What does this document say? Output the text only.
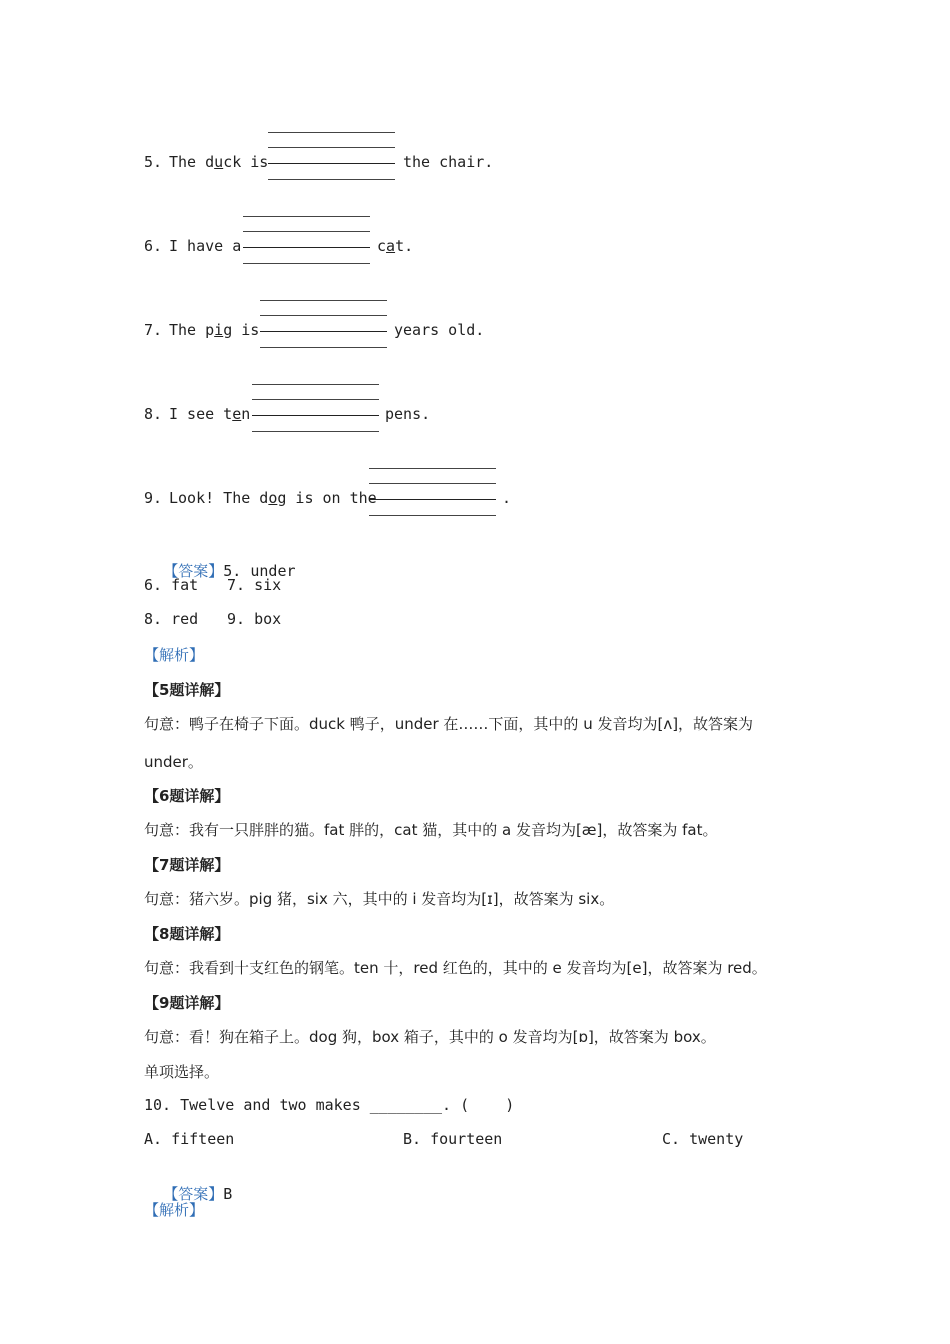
5. The duck is	the chair.
6. I have a	cat.
7. The pig is	years old.
8. I see ten	pens.
9. Look! The dog is on the	.

【答案】5. under

6. fat 7. six
8. red 9. box
【解析】
【5题详解】
句意：鸭子在椅子下面。duck 鸭子，under 在……下面，其中的 u 发音均为[ʌ]，故答案为
under。
【6题详解】
句意：我有一只胖胖的猫。fat 胖的，cat 猫，其中的 a 发音均为[æ]，故答案为 fat。
【7题详解】
句意：猪六岁。pig 猪，six 六，其中的 i 发音均为[ɪ]，故答案为 six。
【8题详解】
句意：我看到十支红色的钢笔。ten 十，red 红色的，其中的 e 发音均为[e]，故答案为 red。
【9题详解】
句意：看！狗在箱子上。dog 狗，box 箱子，其中的 o 发音均为[ɒ]，故答案为 box。
单项选择。
10. Twelve and two makes ________. (    )
A. fifteen	B. fourteen	C. twenty

【答案】B

【解析】
